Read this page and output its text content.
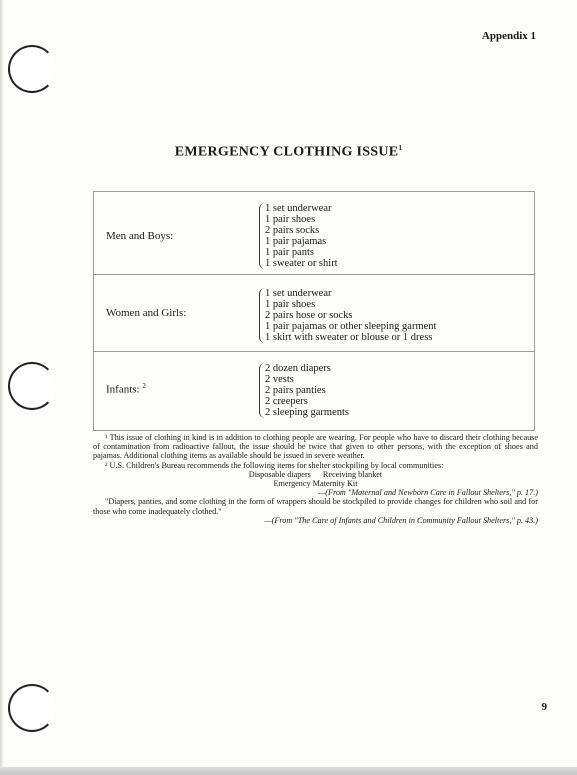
Appendix 1
EMERGENCY CLOTHING ISSUE$^1$
Men and Boys:
1 set underwear
1 pair shoes
2 pairs socks
1 pair pajamas
1 pair pants
1 sweater or shirt
Women and Girls:
1 set underwear
1 pair shoes
2 pairs hose or socks
1 pair pajamas or other sleeping garment
1 skirt with sweater or blouse or 1 dress
Infants: $^2$
2 dozen diapers
2 vests
2 pairs panties
2 creepers
2 sleeping garments
¹ This issue of clothing in kind is in addition to clothing people are wearing. For people who have to discard their clothing because of contamination from radioactive fallout, the issue should be twice that given to other persons, with the exception of shoes and pajamas. Additional clothing items as available should be issued in severe weather.
² U.S. Children's Bureau recommends the following items for shelter stockpiling by local communities:
Disposable diapers Receiving blanket
Emergency Maternity Kit
—(From "Maternal and Newborn Care in Fallout Shelters," p. 17.)
"Diapers, panties, and some clothing in the form of wrappers should be stockpiled to provide changes for children who soil and for those who come inadequately clothed."
—(From "The Care of Infants and Children in Community Fallout Shelters," p. 43.)
9
